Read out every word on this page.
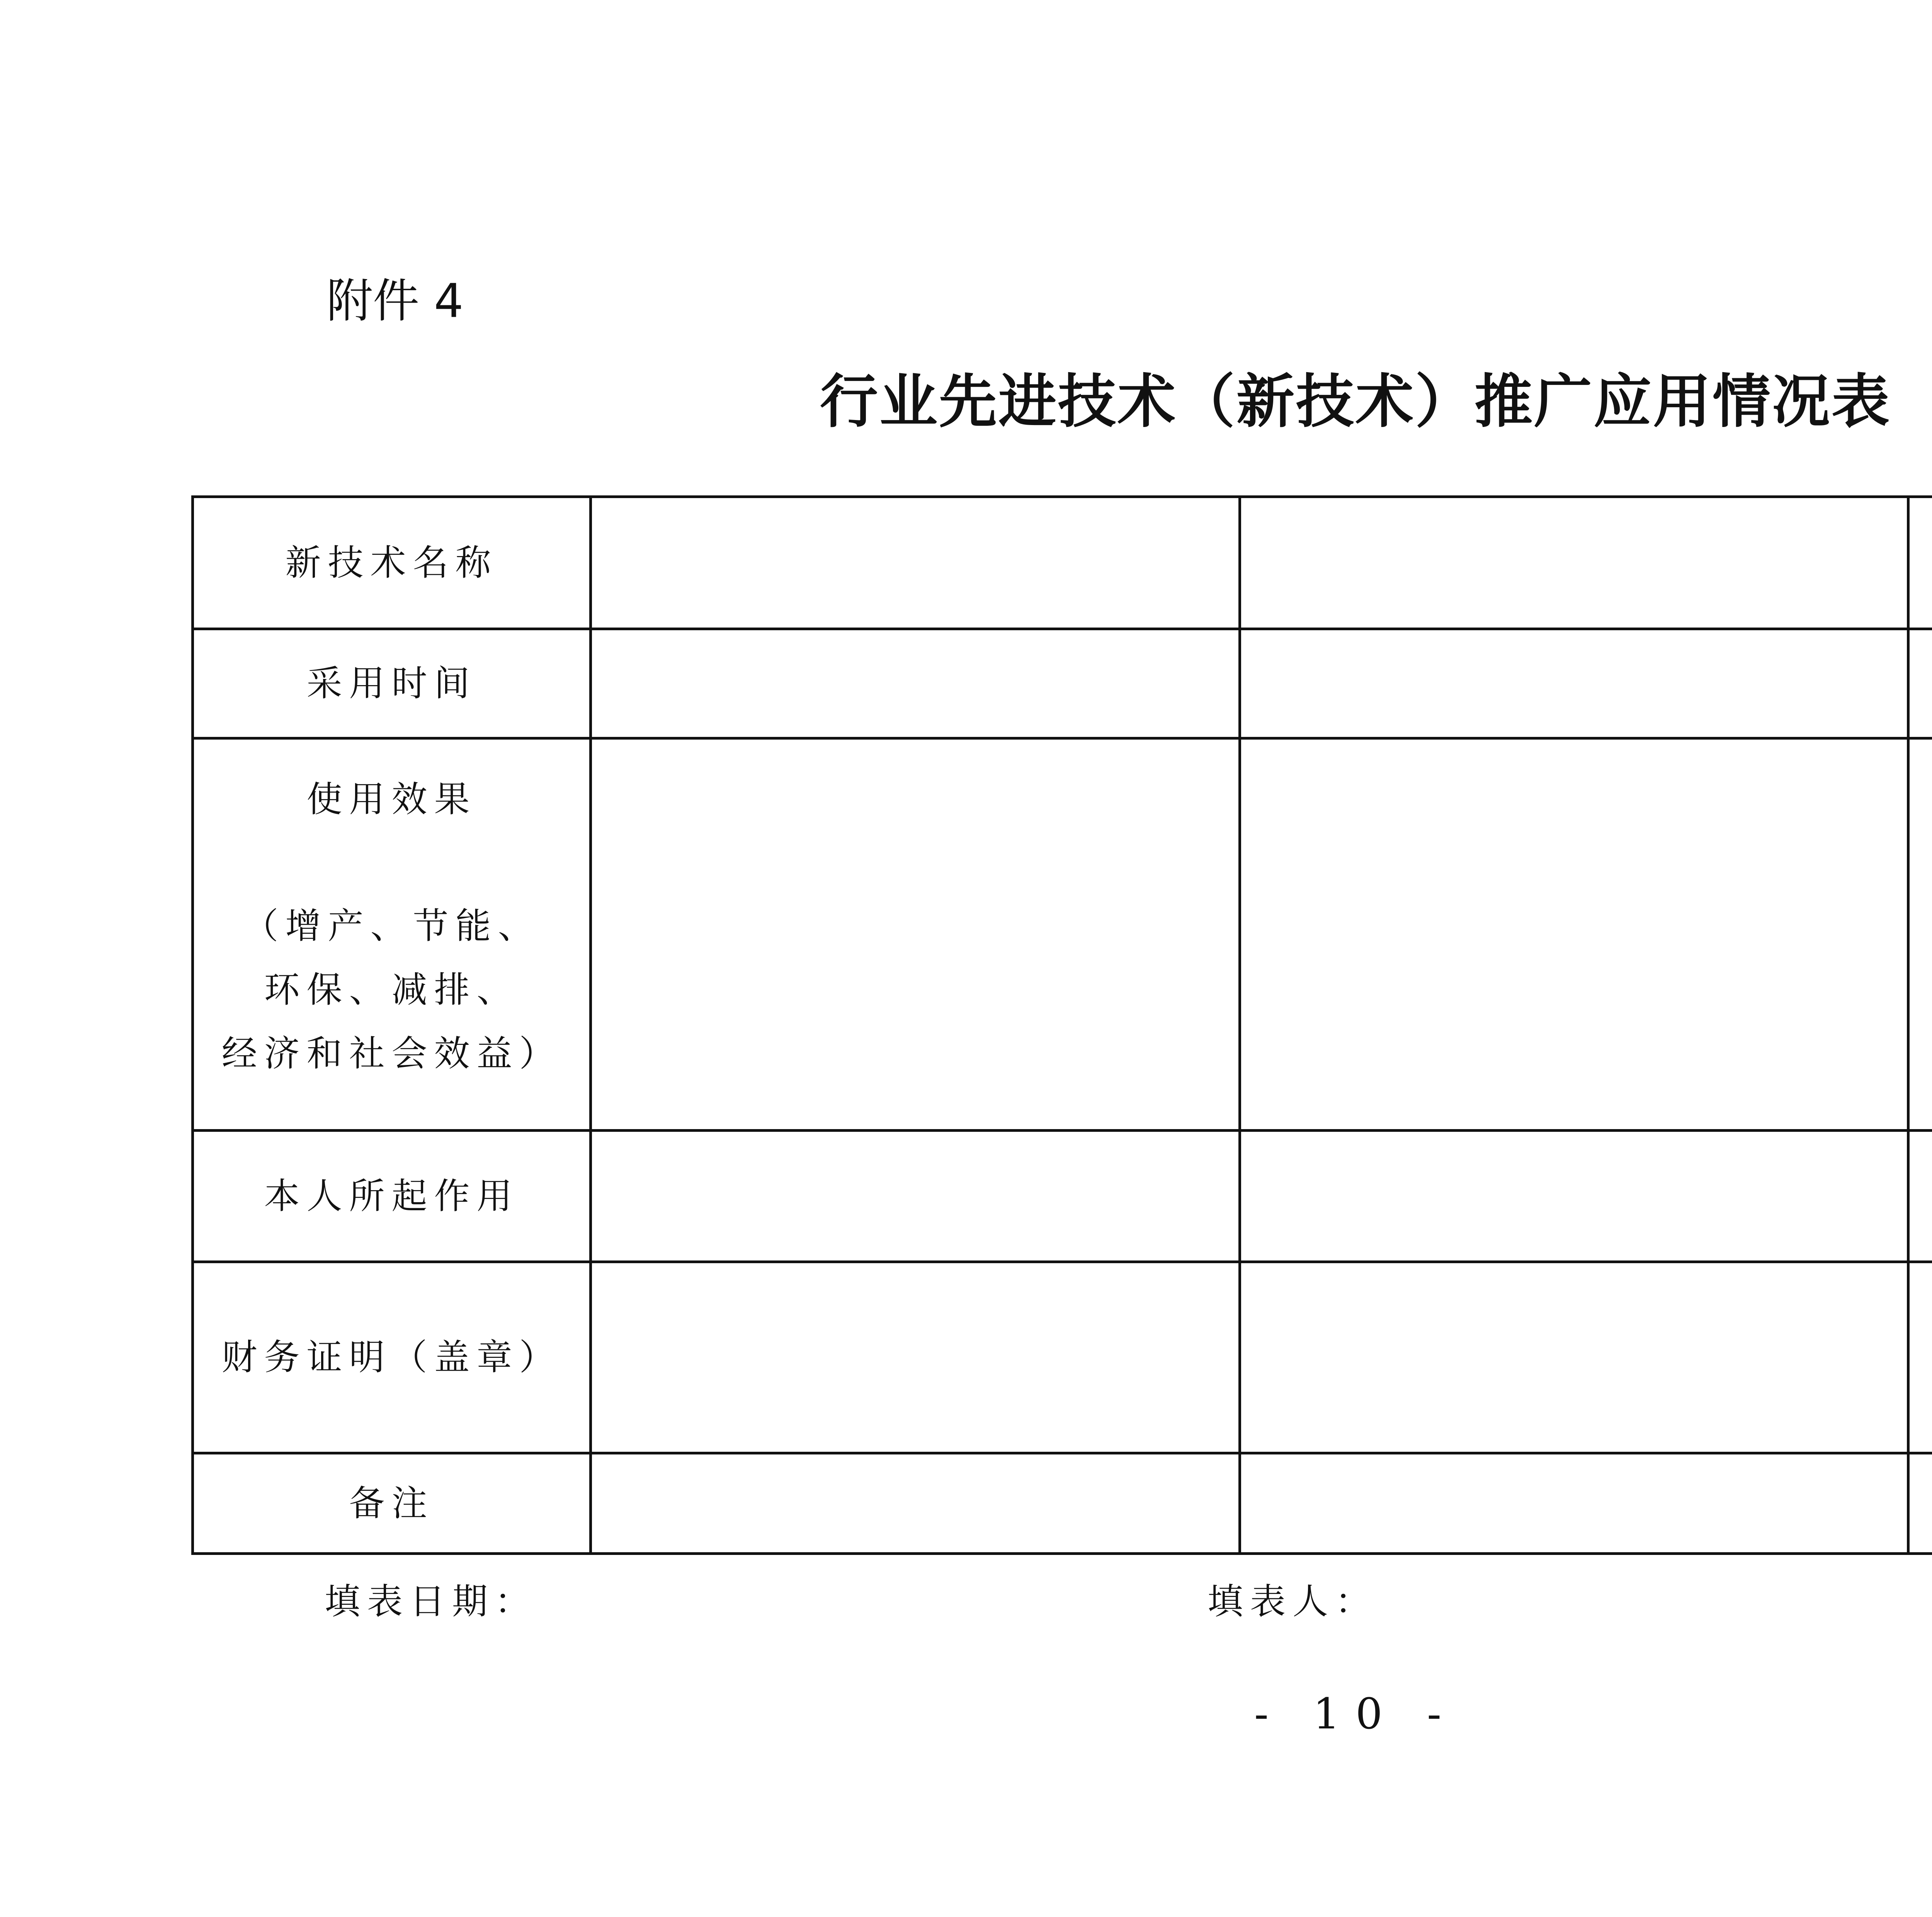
附件 4
行业先进技术（新技术）推广应用情况表
新技术名称			
采用时间			

使用效果
（增产、节能、
环保、减排、
经济和社会效益）			

本人所起作用			
财务证明（盖章）			
备注			
填表日期：	填表人：
- 10 -
